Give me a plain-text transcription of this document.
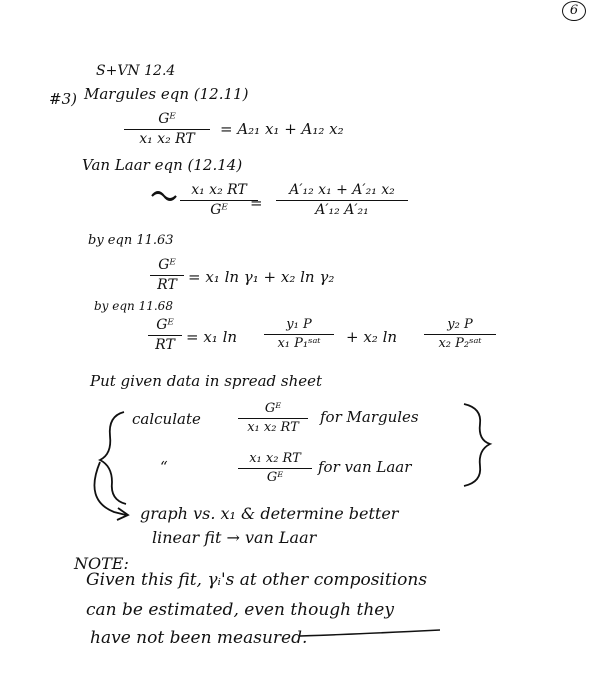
6
S+VN 12.4
#3) Margules eqn (12.11)
Gᴱ
x₁ x₂ RT
= A₂₁ x₁ + A₁₂ x₂
Van Laar eqn (12.14)
x₁ x₂ RT
Gᴱ	=
A′₁₂ x₁ + A′₂₁ x₂
A′₁₂ A′₂₁
by eqn 11.63
Gᴱ
RT = x₁ ln γ₁ + x₂ ln γ₂
by eqn 11.68
Gᴱ
RT = x₁ ln
y₁ P
x₁ P₁ˢᵃᵗ	+ x₂ ln
y₂ P
x₂ P₂ˢᵃᵗ
Put given data in spread sheet
calculate
Gᴱ
x₁ x₂ RT
for Margules
“	x₁ x₂ RT
Gᴱ
for van Laar
graph vs. x₁ & determine better
linear fit → van Laar
NOTE:
Given this fit, γᵢ's at other compositions
can be estimated, even though they
have not been measured.
